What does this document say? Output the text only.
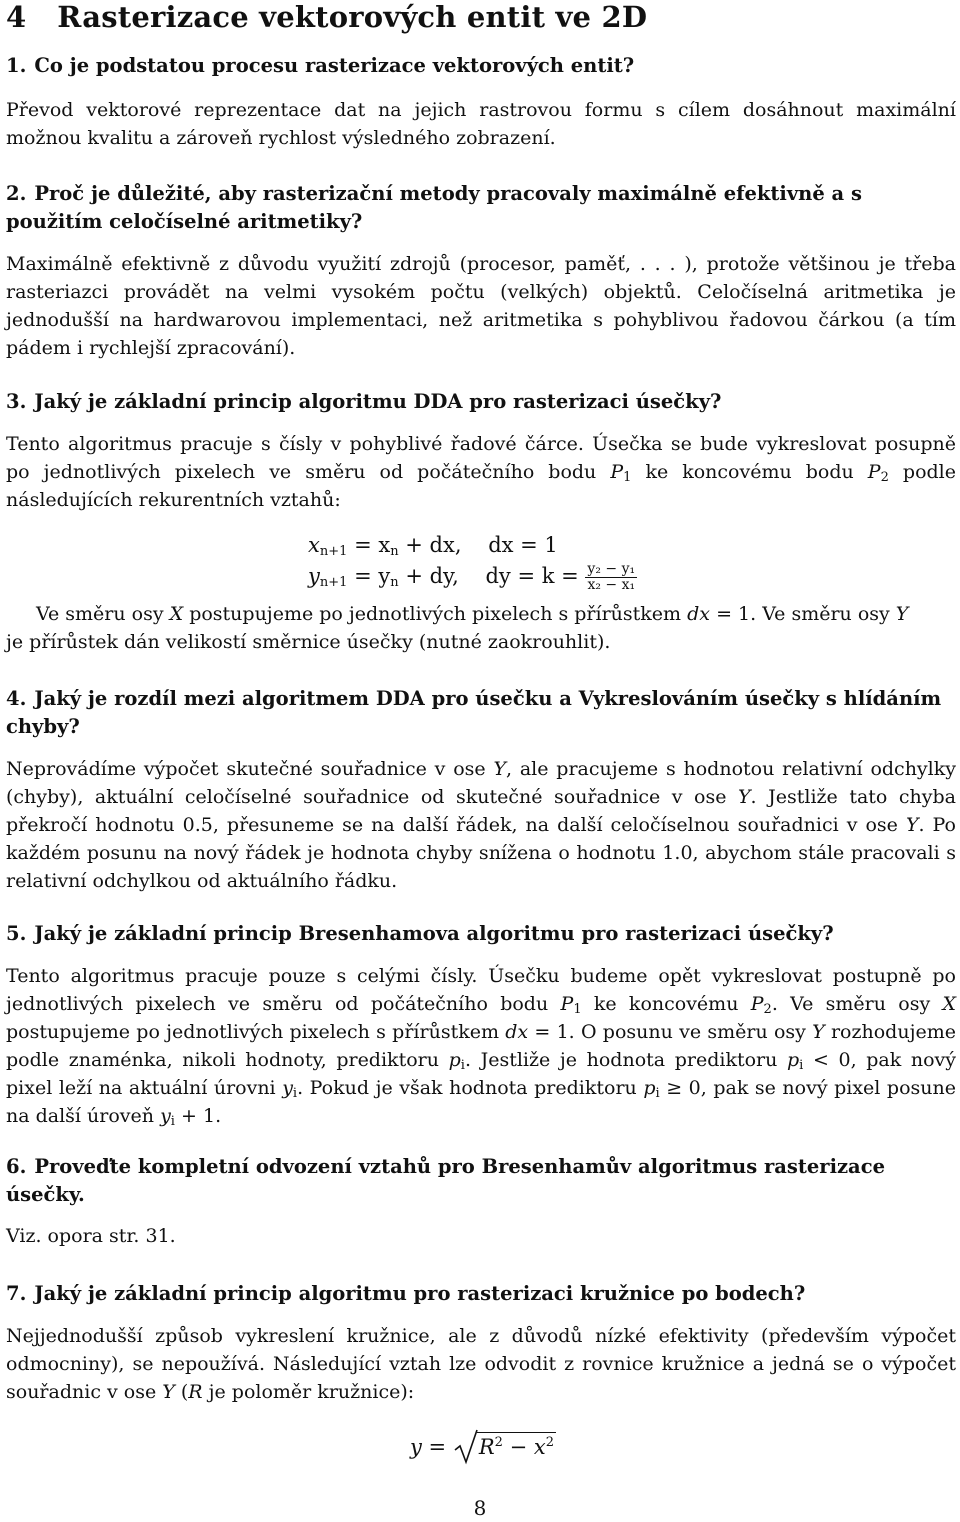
4 Rasterizace vektorových entit ve 2D

1. Co je podstatou procesu rasterizace vektorových entit?

Převod vektorové reprezentace dat na jejich rastrovou formu s cílem dosáhnout maximální možnou kvalitu a zároveň rychlost výsledného zobrazení.

2. Proč je důležité, aby rasterizační metody pracovaly maximálně efektivně a s použitím celočíselné aritmetiky?

Maximálně efektivně z důvodu využití zdrojů (procesor, paměť, . . . ), protože většinou je třeba rasteriazci provádět na velmi vysokém počtu (velkých) objektů. Celočíselná aritmetika je jednodušší na hardwarovou implementaci, než aritmetika s pohyblivou řadovou čárkou (a tím pádem i rychlejší zpracování).

3. Jaký je základní princip algoritmu DDA pro rasterizaci úsečky?

Tento algoritmus pracuje s čísly v pohyblivé řadové čárce. Úsečka se bude vykreslovat posupně po jednotlivých pixelech ve směru od počátečního bodu $P_1$ ke koncovému bodu $P_2$ podle následujících rekurentních vztahů:

$x_{n+1} = x_n$ + dx,    dx = 1
$y_{n+1} = y_n$ + dy,    dy = $k = \frac{\text{y₂ − y₁}}{\text{x₂ − x₁}}$

Ve směru osy X postupujeme po jednotlivých pixelech s přírůstkem dx = 1. Ve směru osy Y

je přírůstek dán velikostí směrnice úsečky (nutné zaokrouhlit).

4. Jaký je rozdíl mezi algoritmem DDA pro úsečku a Vykreslováním úsečky s hlídáním chyby?

Neprovádíme výpočet skutečné souřadnice v ose Y, ale pracujeme s hodnotou relativní odchylky (chyby), aktuální celočíselné souřadnice od skutečné souřadnice v ose Y. Jestliže tato chyba překročí hodnotu 0.5, přesuneme se na další řádek, na další celočíselnou souřadnici v ose Y. Po každém posunu na nový řádek je hodnota chyby snížena o hodnotu 1.0, abychom stále pracovali s relativní odchylkou od aktuálního řádku.

5. Jaký je základní princip Bresenhamova algoritmu pro rasterizaci úsečky?

Tento algoritmus pracuje pouze s celými čísly. Úsečku budeme opět vykreslovat postupně po jednotlivých pixelech ve směru od počátečního bodu $P_1$ ke koncovému $P_2$. Ve směru osy X postupujeme po jednotlivých pixelech s přírůstkem dx = 1. O posunu ve směru osy Y rozhodujeme podle znaménka, nikoli hodnoty, prediktoru $p_i$. Jestliže je hodnota prediktoru $p_i < 0$, pak nový pixel leží na aktuální úrovni $y_i$. Pokud je však hodnota prediktoru $p_i \ge 0$, pak se nový pixel posune na další úroveň $y_i + 1$.

6. Proveďte kompletní odvození vztahů pro Bresenhamův algoritmus rasterizace úsečky.

Viz. opora str. 31.

7. Jaký je základní princip algoritmu pro rasterizaci kružnice po bodech?

Nejjednodušší způsob vykreslení kružnice, ale z důvodů nízké efektivity (především výpočet odmocniny), se nepoužívá. Následující vztah lze odvodit z rovnice kružnice a jedná se o výpočet souřadnic v ose Y (R je poloměr kružnice):

$y = R^2 - x^2$
8
